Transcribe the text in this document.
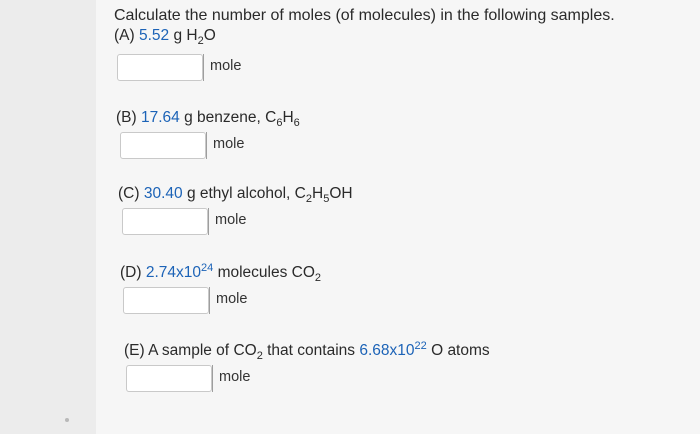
Calculate the number of moles (of molecules) in the following samples.
(A) 5.52 g $H_2O$
mole
(B) 17.64 g benzene, $C_6H_6$
mole
(C) 30.40 g ethyl alcohol, $C_2H_5OH$
mole
(D) $2.74x10^{24}$ molecules $CO_2$
mole
(E) A sample of $CO_2$ that contains $6.68x10^{22}$ O atoms
mole
